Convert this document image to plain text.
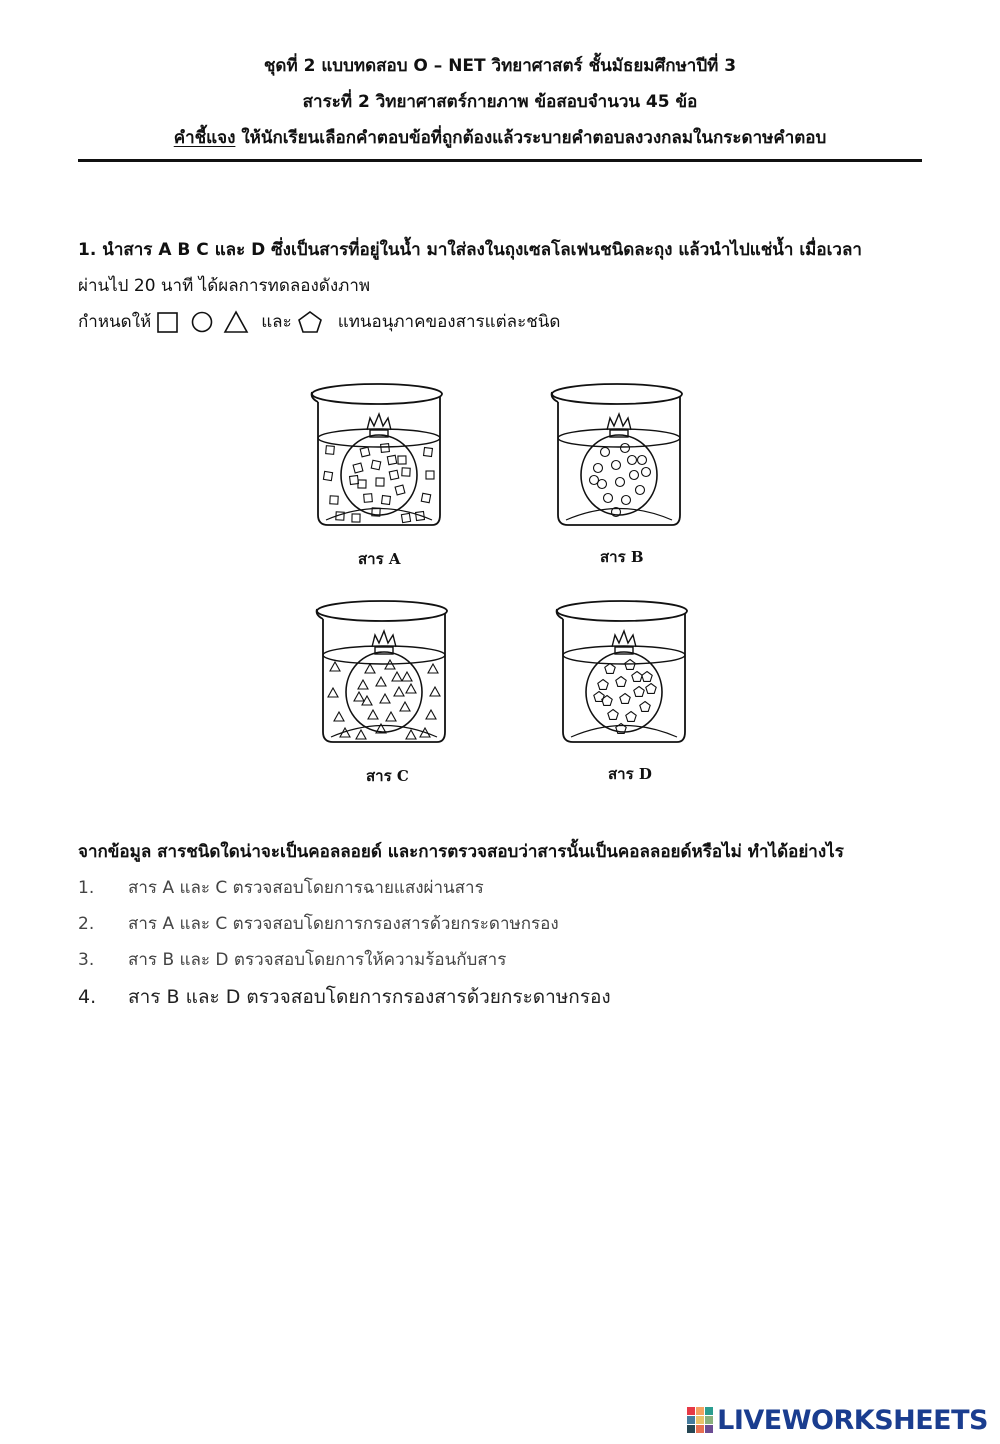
ชุดที่ 2 แบบทดสอบ O – NET วิทยาศาสตร์ ชั้นมัธยมศึกษาปีที่ 3
สาระที่ 2 วิทยาศาสตร์กายภาพ ข้อสอบจำนวน 45 ข้อ
คำชี้แจง ให้นักเรียนเลือกคำตอบข้อที่ถูกต้องแล้วระบายคำตอบลงวงกลมในกระดาษคำตอบ
1. นำสาร A B C และ D ซึ่งเป็นสารที่อยู่ในน้ำ มาใส่ลงในถุงเซลโลเฟนชนิดละถุง แล้วนำไปแช่น้ำ เมื่อเวลา
ผ่านไป 20 นาที ได้ผลการทดลองดังภาพ
กำหนดให้	และ	แทนอนุภาคของสารแต่ละชนิด
สาร A	สาร B
สาร C	สาร D
จากข้อมูล สารชนิดใดน่าจะเป็นคอลลอยด์ และการตรวจสอบว่าสารนั้นเป็นคอลลอยด์หรือไม่ ทำได้อย่างไร
1.	สาร A และ C ตรวจสอบโดยการฉายแสงผ่านสาร
2.	สาร A และ C ตรวจสอบโดยการกรองสารด้วยกระดาษกรอง
3.	สาร B และ D ตรวจสอบโดยการให้ความร้อนกับสาร
4.	สาร B และ D ตรวจสอบโดยการกรองสารด้วยกระดาษกรอง
LIVEWORKSHEETS
